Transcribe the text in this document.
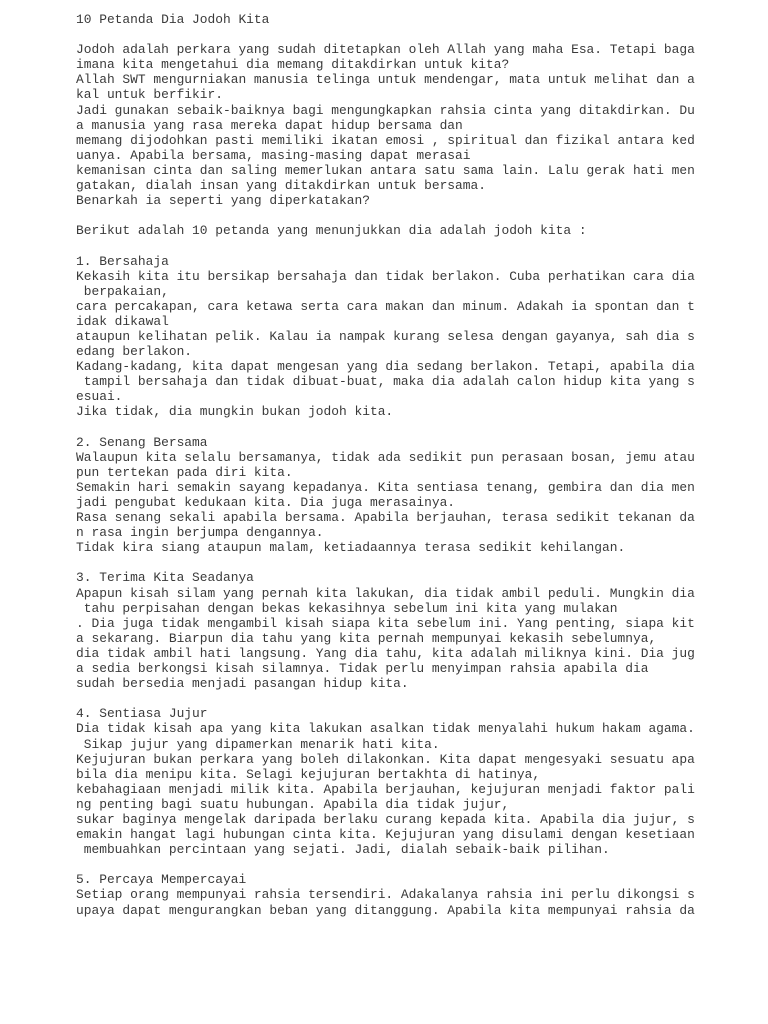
10 Petanda Dia Jodoh Kita
Jodoh adalah perkara yang sudah ditetapkan oleh Allah yang maha Esa. Tetapi baga
imana kita mengetahui dia memang ditakdirkan untuk kita?
Allah SWT mengurniakan manusia telinga untuk mendengar, mata untuk melihat dan a
kal untuk berfikir.
Jadi gunakan sebaik-baiknya bagi mengungkapkan rahsia cinta yang ditakdirkan. Du
a manusia yang rasa mereka dapat hidup bersama dan
memang dijodohkan pasti memiliki ikatan emosi , spiritual dan fizikal antara ked
uanya. Apabila bersama, masing-masing dapat merasai
kemanisan cinta dan saling memerlukan antara satu sama lain. Lalu gerak hati men
gatakan, dialah insan yang ditakdirkan untuk bersama.
Benarkah ia seperti yang diperkatakan?
Berikut adalah 10 petanda yang menunjukkan dia adalah jodoh kita :
1. Bersahaja
Kekasih kita itu bersikap bersahaja dan tidak berlakon. Cuba perhatikan cara dia
berpakaian,
cara percakapan, cara ketawa serta cara makan dan minum. Adakah ia spontan dan t
idak dikawal
ataupun kelihatan pelik. Kalau ia nampak kurang selesa dengan gayanya, sah dia s
edang berlakon.
Kadang-kadang, kita dapat mengesan yang dia sedang berlakon. Tetapi, apabila dia
tampil bersahaja dan tidak dibuat-buat, maka dia adalah calon hidup kita yang s
esuai.
Jika tidak, dia mungkin bukan jodoh kita.
2. Senang Bersama
Walaupun kita selalu bersamanya, tidak ada sedikit pun perasaan bosan, jemu atau
pun tertekan pada diri kita.
Semakin hari semakin sayang kepadanya. Kita sentiasa tenang, gembira dan dia men
jadi pengubat kedukaan kita. Dia juga merasainya.
Rasa senang sekali apabila bersama. Apabila berjauhan, terasa sedikit tekanan da
n rasa ingin berjumpa dengannya.
Tidak kira siang ataupun malam, ketiadaannya terasa sedikit kehilangan.
3. Terima Kita Seadanya
Apapun kisah silam yang pernah kita lakukan, dia tidak ambil peduli. Mungkin dia
tahu perpisahan dengan bekas kekasihnya sebelum ini kita yang mulakan
. Dia juga tidak mengambil kisah siapa kita sebelum ini. Yang penting, siapa kit
a sekarang. Biarpun dia tahu yang kita pernah mempunyai kekasih sebelumnya,
dia tidak ambil hati langsung. Yang dia tahu, kita adalah miliknya kini. Dia jug
a sedia berkongsi kisah silamnya. Tidak perlu menyimpan rahsia apabila dia
sudah bersedia menjadi pasangan hidup kita.
4. Sentiasa Jujur
Dia tidak kisah apa yang kita lakukan asalkan tidak menyalahi hukum hakam agama.
Sikap jujur yang dipamerkan menarik hati kita.
Kejujuran bukan perkara yang boleh dilakonkan. Kita dapat mengesyaki sesuatu apa
bila dia menipu kita. Selagi kejujuran bertakhta di hatinya,
kebahagiaan menjadi milik kita. Apabila berjauhan, kejujuran menjadi faktor pali
ng penting bagi suatu hubungan. Apabila dia tidak jujur,
sukar baginya mengelak daripada berlaku curang kepada kita. Apabila dia jujur, s
emakin hangat lagi hubungan cinta kita. Kejujuran yang disulami dengan kesetiaan
membuahkan percintaan yang sejati. Jadi, dialah sebaik-baik pilihan.
5. Percaya Mempercayai
Setiap orang mempunyai rahsia tersendiri. Adakalanya rahsia ini perlu dikongsi s
upaya dapat mengurangkan beban yang ditanggung. Apabila kita mempunyai rahsia da
